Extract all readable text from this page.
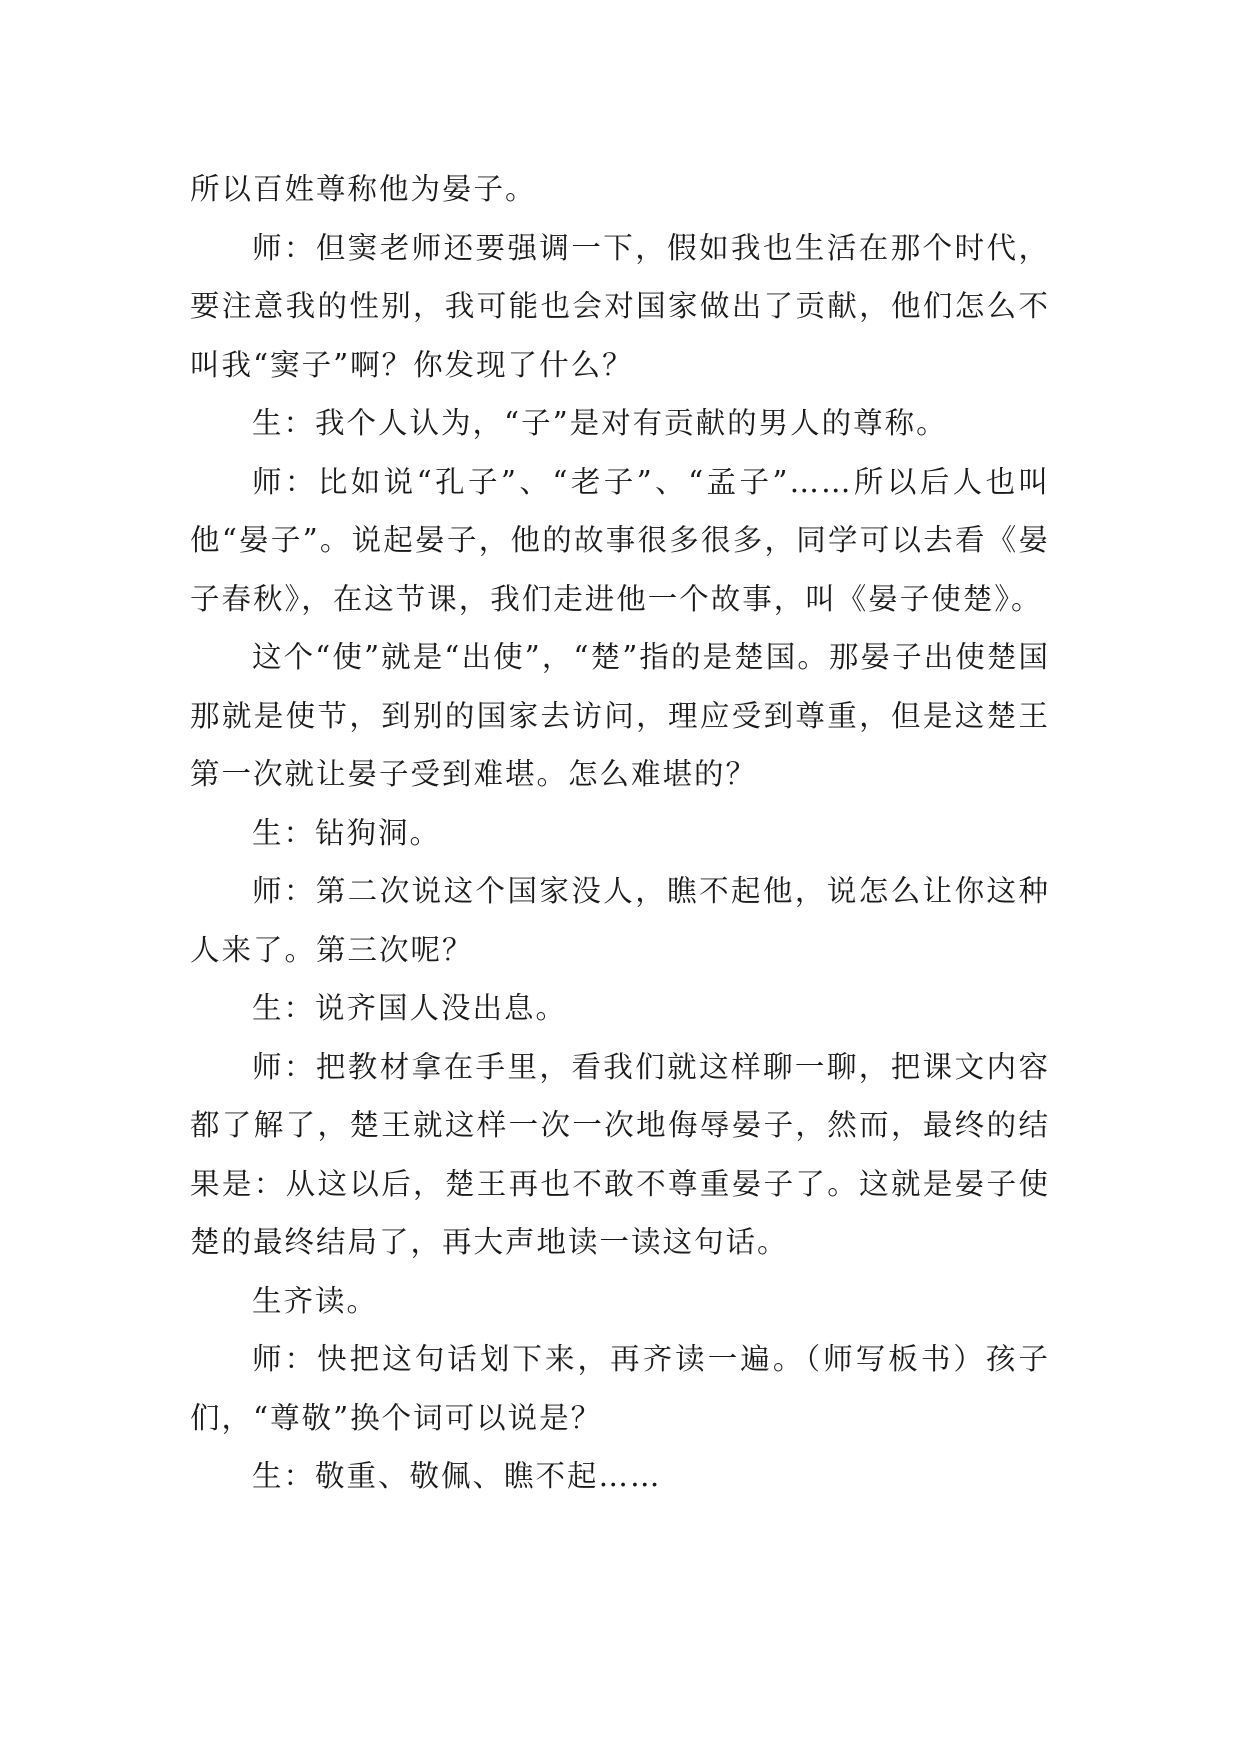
所以百姓尊称他为晏子。

师：但窦老师还要强调一下，假如我也生活在那个时代，要注意我的性别，我可能也会对国家做出了贡献，他们怎么不叫我“窦子”啊？你发现了什么？

生：我个人认为，“子”是对有贡献的男人的尊称。

师：比如说“孔子”、“老子”、“孟子”……所以后人也叫他“晏子”。说起晏子，他的故事很多很多，同学可以去看《晏子春秋》，在这节课，我们走进他一个故事，叫《晏子使楚》。

这个“使”就是“出使”，“楚”指的是楚国。那晏子出使楚国那就是使节，到别的国家去访问，理应受到尊重，但是这楚王第一次就让晏子受到难堪。怎么难堪的？

生：钻狗洞。

师：第二次说这个国家没人，瞧不起他，说怎么让你这种人来了。第三次呢？

生：说齐国人没出息。

师：把教材拿在手里，看我们就这样聊一聊，把课文内容都了解了，楚王就这样一次一次地侮辱晏子，然而，最终的结果是：从这以后，楚王再也不敢不尊重晏子了。这就是晏子使楚的最终结局了，再大声地读一读这句话。

生齐读。

师：快把这句话划下来，再齐读一遍。（师写板书）孩子们，“尊敬”换个词可以说是？

生：敬重、敬佩、瞧不起……
